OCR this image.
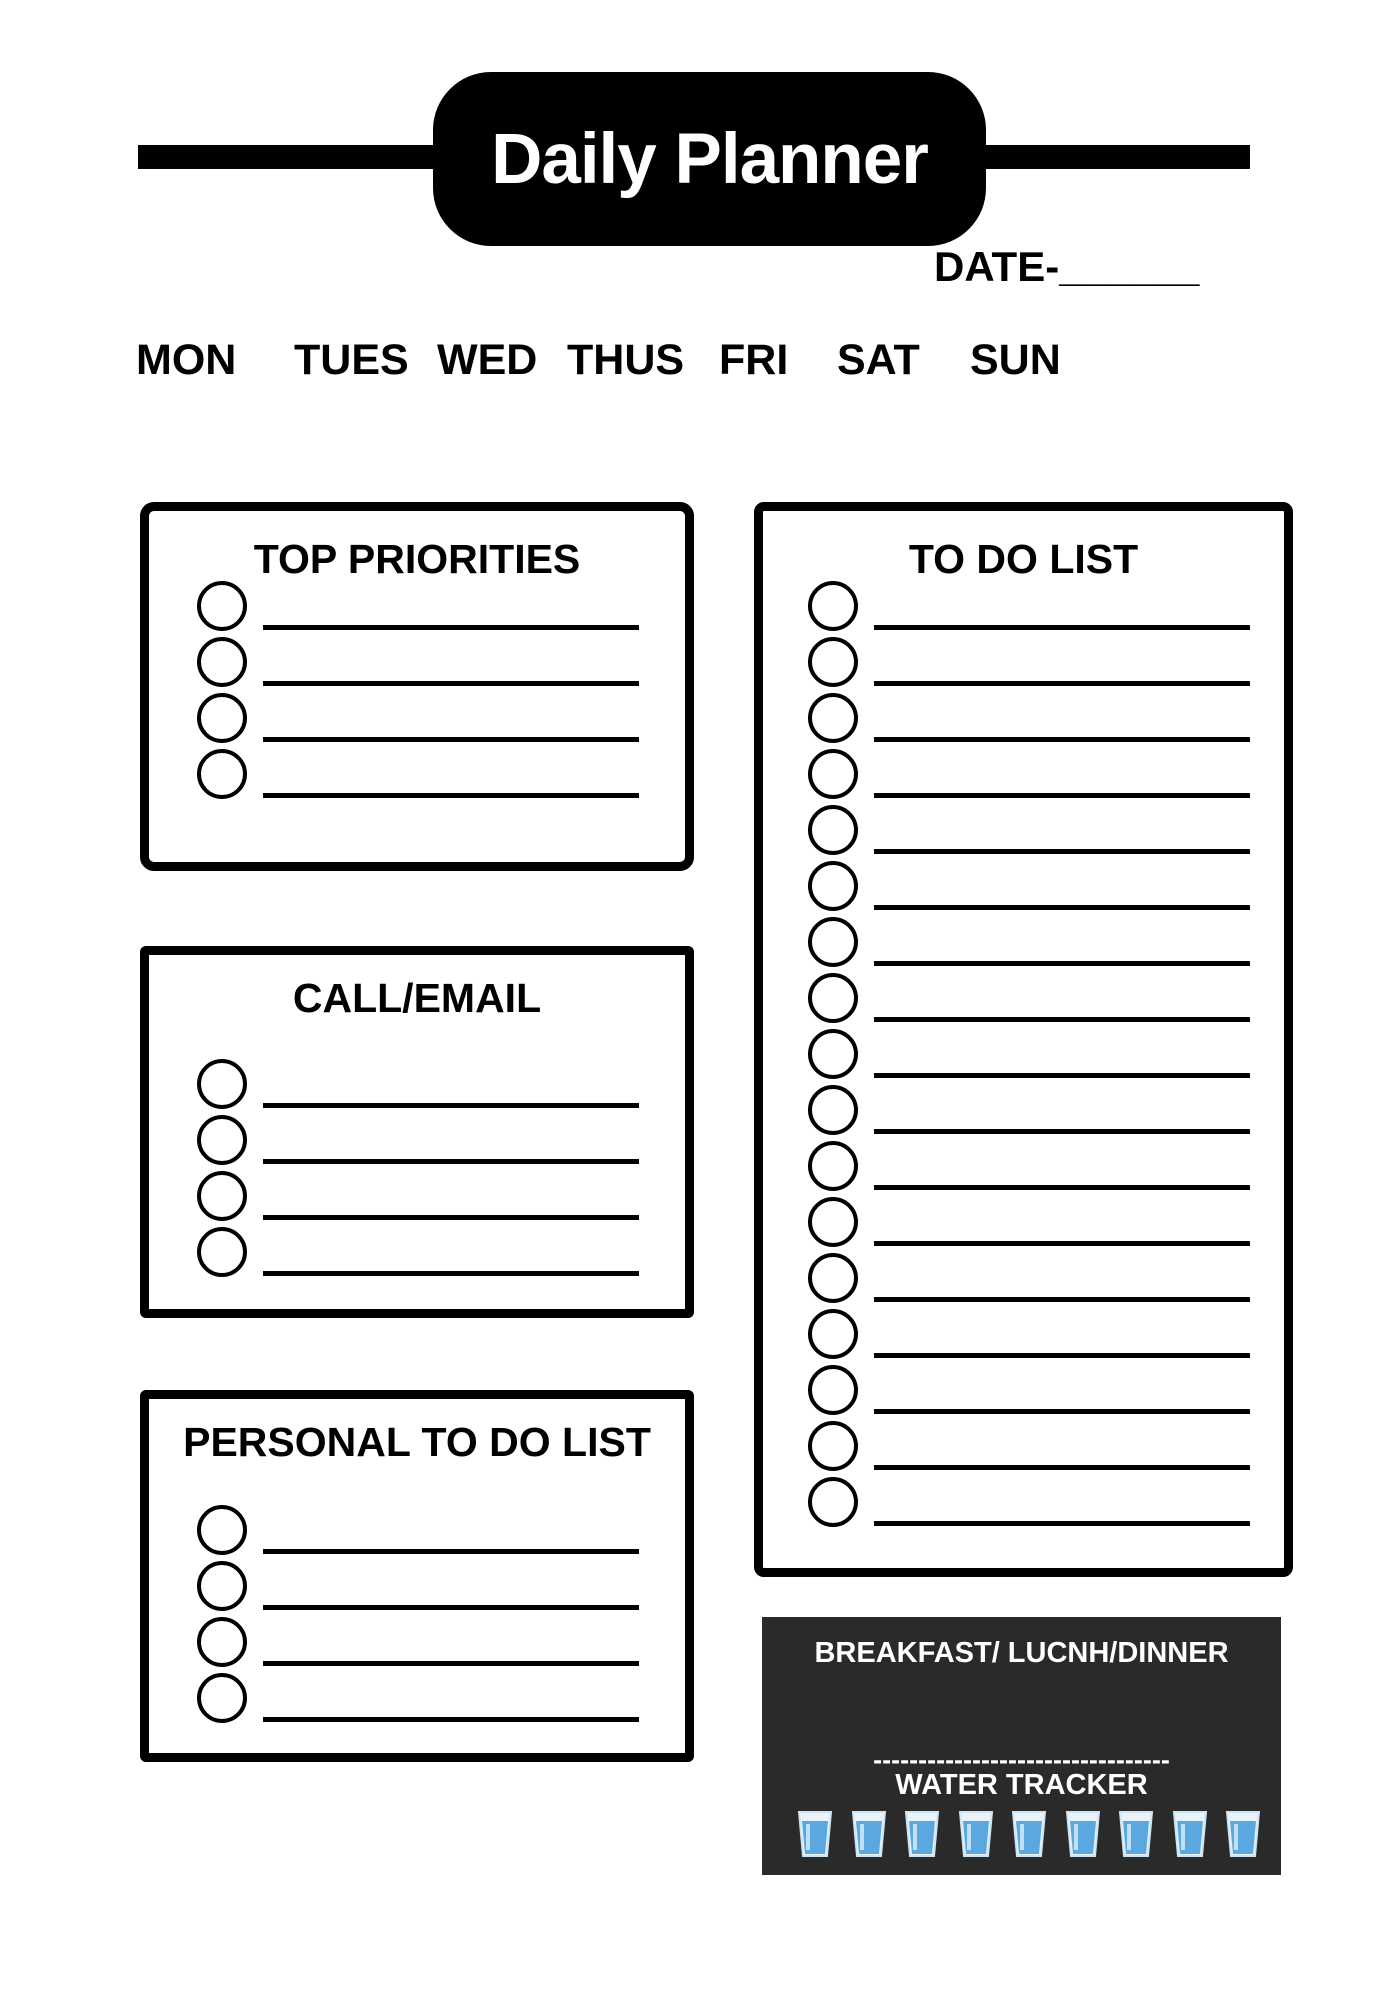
Daily Planner
DATE-______
MON TUES WED THUS FRI SAT SUN
TOP PRIORITIES
CALL/EMAIL
PERSONAL TO DO LIST
TO DO LIST
BREAKFAST/ LUCNH/DINNER
---------------------------------
WATER TRACKER
